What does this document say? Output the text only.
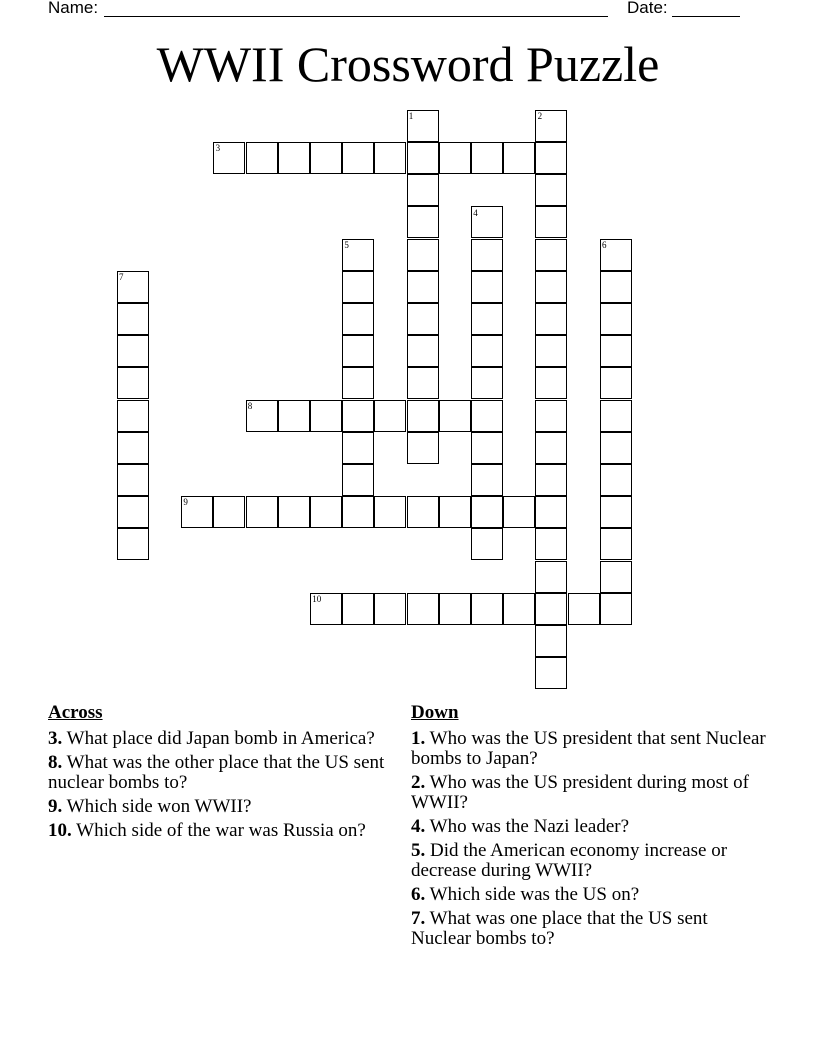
Name:	Date:
WWII Crossword Puzzle
1	2
3
4
5	6
7
8
9
10
Across
3. What place did Japan bomb in America?
8. What was the other place that the US sent nuclear bombs to?
9. Which side won WWII?
10. Which side of the war was Russia on?
Down
1. Who was the US president that sent Nuclear bombs to Japan?
2. Who was the US president during most of WWII?
4. Who was the Nazi leader?
5. Did the American economy increase or decrease during WWII?
6. Which side was the US on?
7. What was one place that the US sent Nuclear bombs to?
